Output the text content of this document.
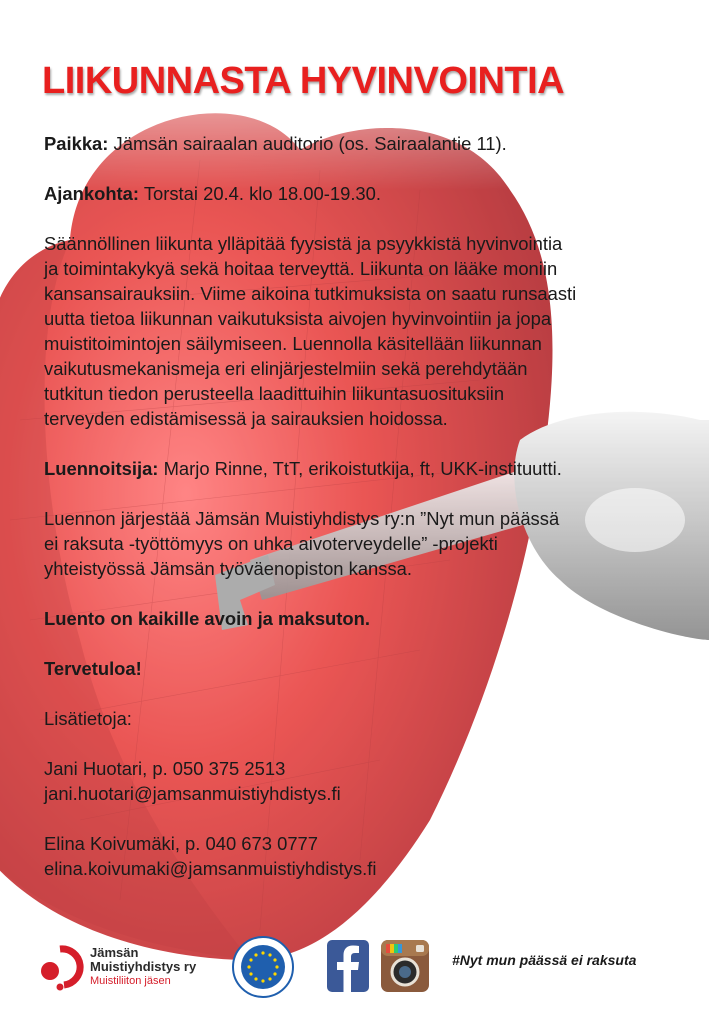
LIIKUNNASTA HYVINVOINTIA

Paikka: Jämsän sairaalan auditorio (os. Sairaalantie 11).

Ajankohta: Torstai 20.4. klo 18.00-19.30.

Säännöllinen liikunta ylläpitää fyysistä ja psyykkistä hyvinvointia
ja toimintakykyä sekä hoitaa terveyttä. Liikunta on lääke moniin
kansansairauksiin. Viime aikoina tutkimuksista on saatu runsaasti
uutta tietoa liikunnan vaikutuksista aivojen hyvinvointiin ja jopa
muistitoimintojen säilymiseen. Luennolla käsitellään liikunnan
vaikutusmekanismeja eri elinjärjestelmiin sekä perehdytään
tutkitun tiedon perusteella laadittuihin liikuntasuosituksiin
terveyden edistämisessä ja sairauksien hoidossa.

Luennoitsija: Marjo Rinne, TtT, erikoistutkija, ft, UKK-instituutti.

Luennon järjestää Jämsän Muistiyhdistys ry:n ”Nyt mun päässä
ei raksuta -työttömyys on uhka aivoterveydelle” -projekti
yhteistyössä Jämsän työväenopiston kanssa.

Luento on kaikille avoin ja maksuton.

Tervetuloa!

Lisätietoja:

Jani Huotari, p. 050 375 2513
jani.huotari@jamsanmuistiyhdistys.fi

Elina Koivumäki, p. 040 673 0777
elina.koivumaki@jamsanmuistiyhdistys.fi

Jämsän
Muistiyhdistys ry
Muistiliiton jäsen
#Nyt mun päässä ei raksuta
